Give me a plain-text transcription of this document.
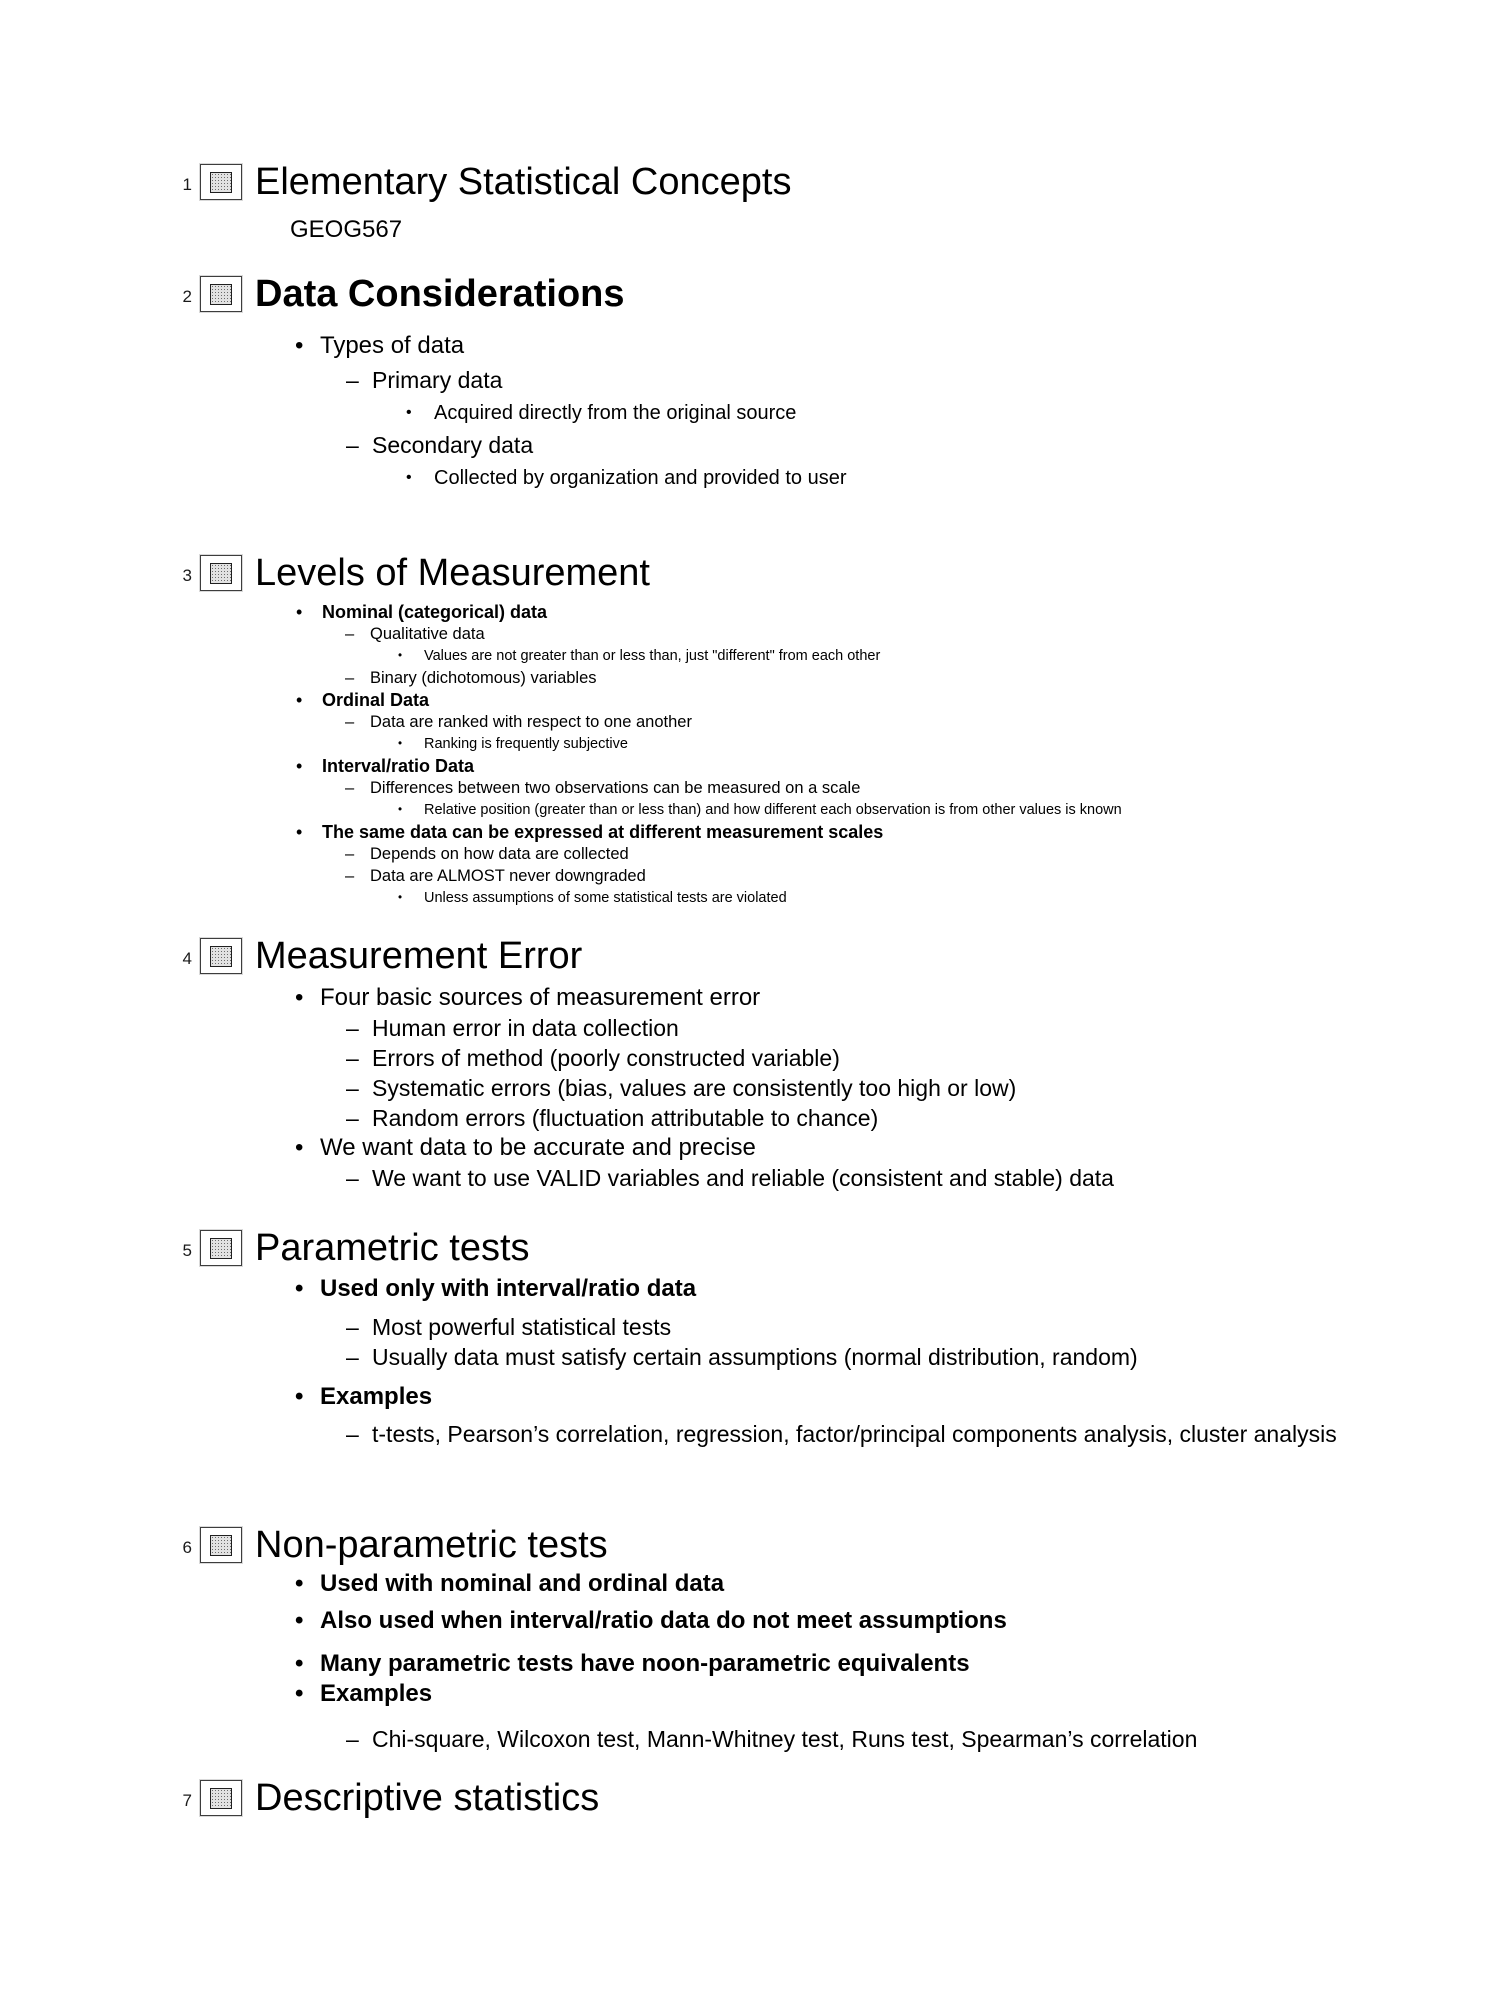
1 Elementary Statistical Concepts

GEOG567

2 Data Considerations

• Types of data

– Primary data

• Acquired directly from the original source

– Secondary data

• Collected by organization and provided to user

3 Levels of Measurement

• Nominal (categorical) data

– Qualitative data

• Values are not greater than or less than, just "different" from each other

– Binary (dichotomous) variables

• Ordinal Data

– Data are ranked with respect to one another

• Ranking is frequently subjective

• Interval/ratio Data

– Differences between two observations can be measured on a scale

• Relative position (greater than or less than) and how different each observation is from other values is known

• The same data can be expressed at different measurement scales

– Depends on how data are collected

– Data are ALMOST never downgraded

• Unless assumptions of some statistical tests are violated

4 Measurement Error

• Four basic sources of measurement error

– Human error in data collection

– Errors of method (poorly constructed variable)

– Systematic errors (bias, values are consistently too high or low)

– Random errors (fluctuation attributable to chance)

• We want data to be accurate and precise

– We want to use VALID variables and reliable (consistent and stable) data

5 Parametric tests

• Used only with interval/ratio data

– Most powerful statistical tests

– Usually data must satisfy certain assumptions (normal distribution, random)

• Examples

– t-tests, Pearson’s correlation, regression, factor/principal components analysis, cluster analysis

6 Non-parametric tests

• Used with nominal and ordinal data

• Also used when interval/ratio data do not meet assumptions

• Many parametric tests have noon-parametric equivalents

• Examples

– Chi-square, Wilcoxon test, Mann-Whitney test, Runs test, Spearman’s correlation

7 Descriptive statistics
